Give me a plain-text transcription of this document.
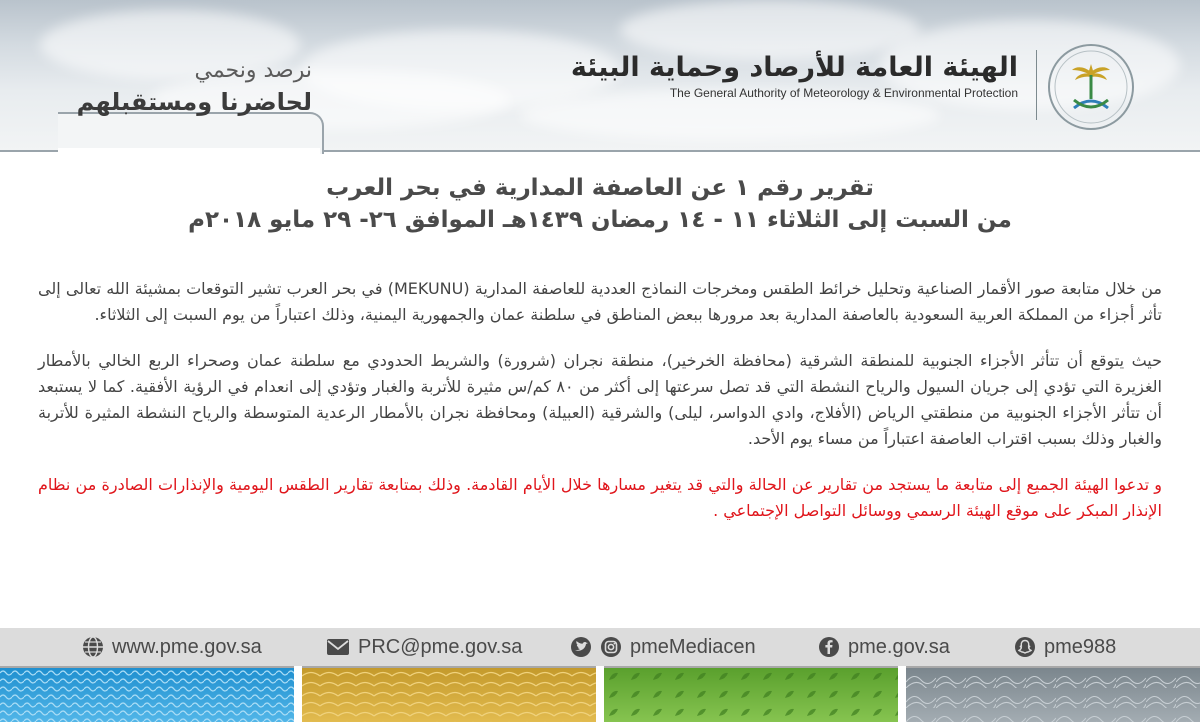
نرصد ونحمي
لحاضرنا ومستقبلهم
الهيئة العامة للأرصاد وحماية البيئة
The General Authority of Meteorology & Environmental Protection

تقرير رقم ١ عن العاصفة المدارية في بحر العرب

من السبت إلى الثلاثاء ١١ - ١٤ رمضان ١٤٣٩هـ الموافق ٢٦- ٢٩ مايو ٢٠١٨م

من خلال متابعة صور الأقمار الصناعية وتحليل خرائط الطقس ومخرجات النماذج العددية للعاصفة المدارية (MEKUNU) في بحر العرب تشير التوقعات بمشيئة الله تعالى إلى تأثر أجزاء من المملكة العربية السعودية بالعاصفة المدارية بعد مرورها ببعض المناطق في سلطنة عمان والجمهورية اليمنية، وذلك اعتباراً من يوم السبت إلى الثلاثاء.

حيث يتوقع أن تتأثر الأجزاء الجنوبية للمنطقة الشرقية (محافظة الخرخير)، منطقة نجران (شرورة) والشريط الحدودي مع سلطنة عمان وصحراء الربع الخالي بالأمطار الغزيرة التي تؤدي إلى جريان السيول والرياح النشطة التي قد تصل سرعتها إلى أكثر من ٨٠ كم/س مثيرة للأتربة والغبار وتؤدي إلى انعدام في الرؤية الأفقية. كما لا يستبعد أن تتأثر الأجزاء الجنوبية من منطقتي الرياض (الأفلاج، وادي الدواسر، ليلى) والشرقية (العبيلة) ومحافظة نجران بالأمطار الرعدية المتوسطة والرياح النشطة المثيرة للأتربة والغبار وذلك بسبب اقتراب العاصفة اعتباراً من مساء يوم الأحد.

و تدعوا الهيئة الجميع إلى متابعة ما يستجد من تقارير عن الحالة والتي قد يتغير مسارها خلال الأيام القادمة. وذلك بمتابعة تقارير الطقس اليومية والإنذارات الصادرة من نظام الإنذار المبكر على موقع الهيئة الرسمي ووسائل التواصل الإجتماعي .

www.pme.gov.sa	PRC@pme.gov.sa	pmeMediacen	pme.gov.sa	pme988
